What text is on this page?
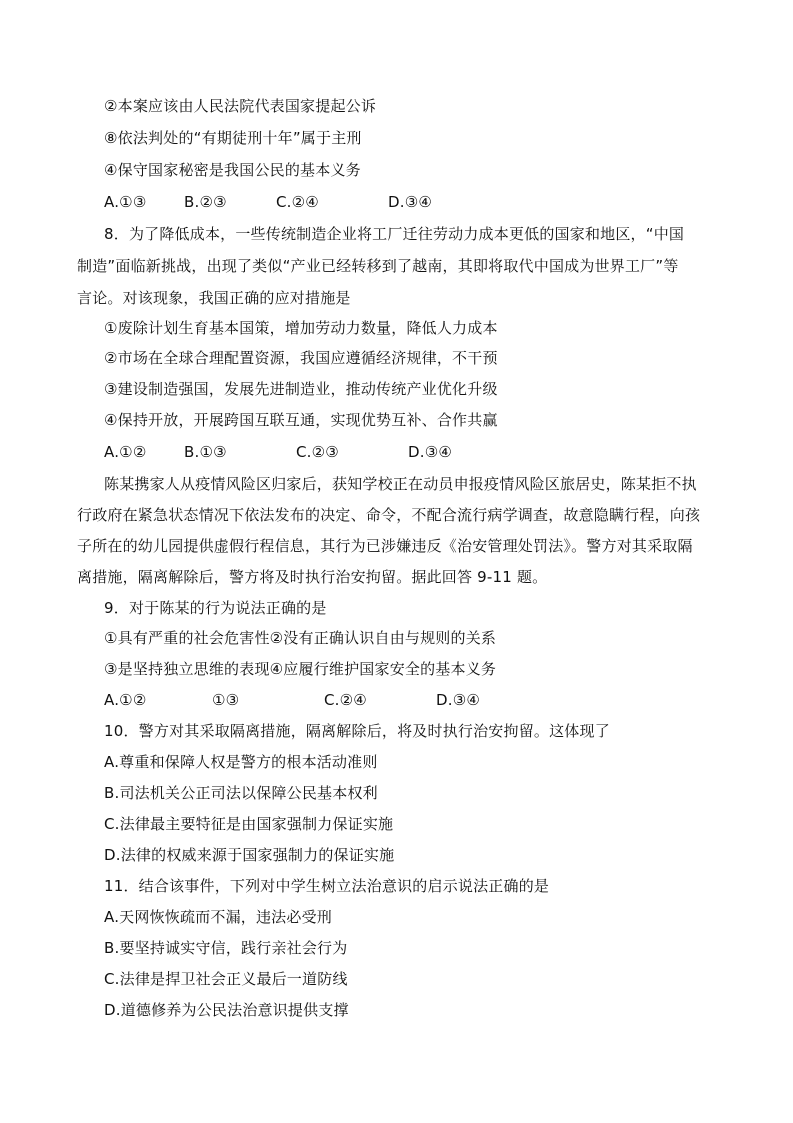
②本案应该由人民法院代表国家提起公诉
⑧依法判处的“有期徒刑十年”属于主刑
④保守国家秘密是我国公民的基本义务
A.①③	B.②③	C.②④	D.③④
8．为了降低成本，一些传统制造企业将工厂迁往劳动力成本更低的国家和地区，“中国
制造”面临新挑战，出现了类似“产业已经转移到了越南，其即将取代中国成为世界工厂”等
言论。对该现象，我国正确的应对措施是
①废除计划生育基本国策，增加劳动力数量，降低人力成本
②市场在全球合理配置资源，我国应遵循经济规律，不干预
③建设制造强国，发展先进制造业，推动传统产业优化升级
④保持开放，开展跨国互联互通，实现优势互补、合作共赢
A.①②	B.①③	C.②③	D.③④
陈某携家人从疫情风险区归家后，获知学校正在动员申报疫情风险区旅居史，陈某拒不执
行政府在紧急状态情况下依法发布的决定、命令，不配合流行病学调查，故意隐瞒行程，向孩
子所在的幼儿园提供虚假行程信息，其行为已涉嫌违反《治安管理处罚法》。警方对其采取隔
离措施，隔离解除后，警方将及时执行治安拘留。据此回答 9-11 题。
9．对于陈某的行为说法正确的是
①具有严重的社会危害性②没有正确认识自由与规则的关系
③是坚持独立思维的表现④应履行维护国家安全的基本义务
A.①②	①③	C.②④	D.③④
10．警方对其采取隔离措施，隔离解除后，将及时执行治安拘留。这体现了
A.尊重和保障人权是警方的根本活动准则
B.司法机关公正司法以保障公民基本权利
C.法律最主要特征是由国家强制力保证实施
D.法律的权威来源于国家强制力的保证实施
11．结合该事件，下列对中学生树立法治意识的启示说法正确的是
A.天网恢恢疏而不漏，违法必受刑
B.要坚持诚实守信，践行亲社会行为
C.法律是捍卫社会正义最后一道防线
D.道德修养为公民法治意识提供支撑
